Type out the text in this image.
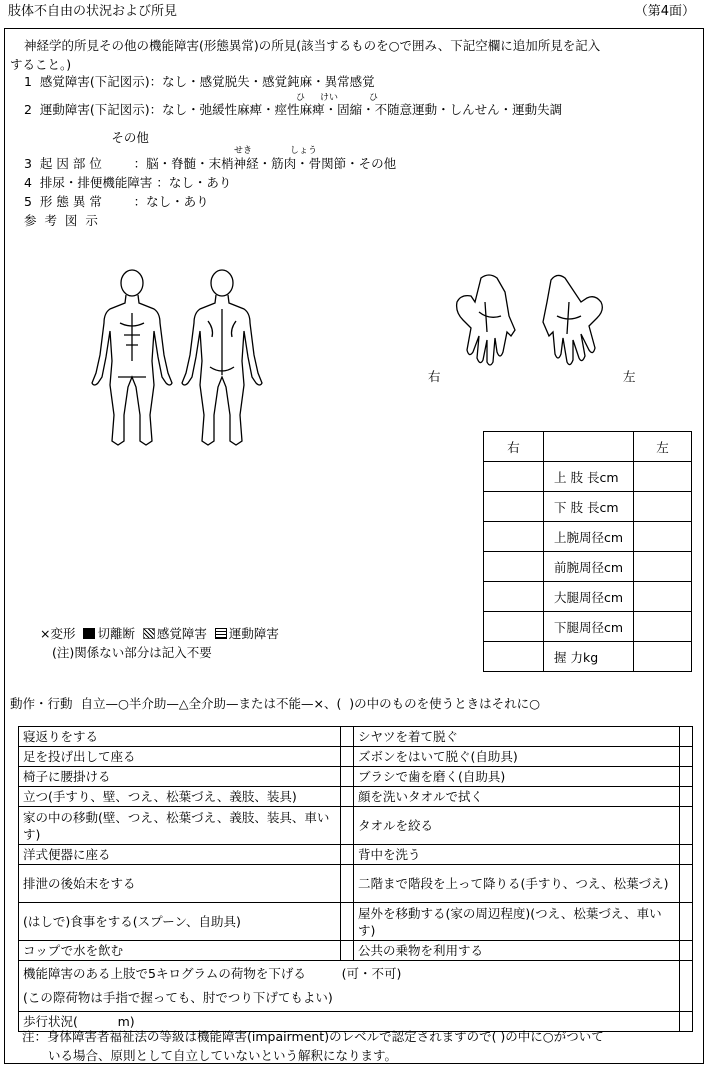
肢体不自由の状況および所見	（第4面）
神経学的所見その他の機能障害(形態異常)の所見(該当するものを○で囲み、下記空欄に追加所見を記入
すること。)
1  感覚障害(下記図示)：なし・感覚脱失・感覚鈍麻・異常感覚
ひ けい	ひ
2  運動障害(下記図示)：なし・弛緩性麻痺・痙性麻痺・固縮・不随意運動・しんせん・運動失調
その他
せき	しょう
3  起 因 部 位        ：脳・脊髄・末梢神経・筋肉・骨関節・その他
4  排尿・排便機能障害 ：なし・あり
5  形 態 異 常        ：なし・あり
参  考  図  示
右	左
右		左
	上 肢 長cm	
	下 肢 長cm	
	上腕周径cm	
	前腕周径cm	
	大腿周径cm	
	下腿周径cm	
	握 力kg	
×変形 切離断 感覚障害 運動障害
(注)関係ない部分は記入不要
動作・行動  自立—○半介助—△全介助—または不能—×、(  )の中のものを使うときはそれに○
寝返りをする		シヤツを着て脱ぐ	
足を投げ出して座る		ズボンをはいて脱ぐ(自助具)	
椅子に腰掛ける		ブラシで歯を磨く(自助具)	
立つ(手すり、壁、つえ、松葉づえ、義肢、装具)		顔を洗いタオルで拭く	
家の中の移動(壁、つえ、松葉づえ、義肢、装具、車いす)		タオルを絞る	
洋式便器に座る		背中を洗う	
排泄の後始末をする		二階まで階段を上って降りる(手すり、つえ、松葉づえ)	
(はしで)食事をする(スプーン、自助具)		屋外を移動する(家の周辺程度)(つえ、松葉づえ、車いす)	
コップで水を飲む		公共の乗物を利用する	

機能障害のある上肢で5キログラムの荷物を下げる         (可・不可)
(この際荷物は手指で握っても、肘でつり下げてもよい)			

歩行状況(          m)			
注：身体障害者福祉法の等級は機能障害(impairment)のレベルで認定されますので( )の中に○がついて
いる場合、原則として自立していないという解釈になります。
